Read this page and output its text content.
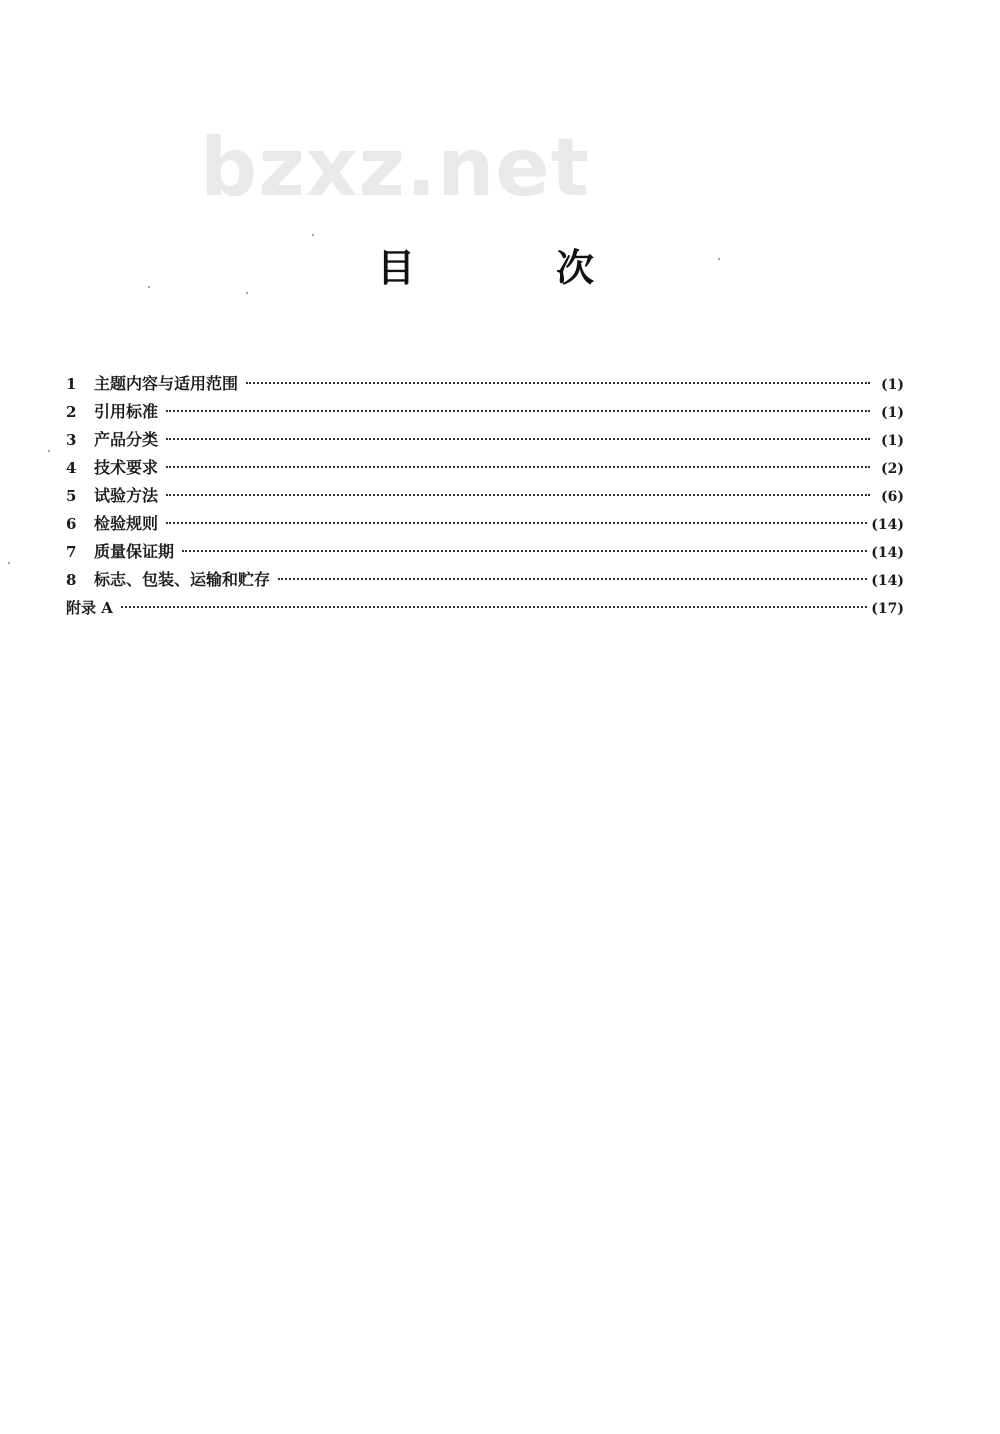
bzxz.net
目	次
1	主题内容与适用范围	(1)
2	引用标准	(1)
3	产品分类	(1)
4	技术要求	(2)
5	试验方法	(6)
6	检验规则	(14)
7	质量保证期	(14)
8	标志、包装、运输和贮存	(14)
附录 A	(17)
